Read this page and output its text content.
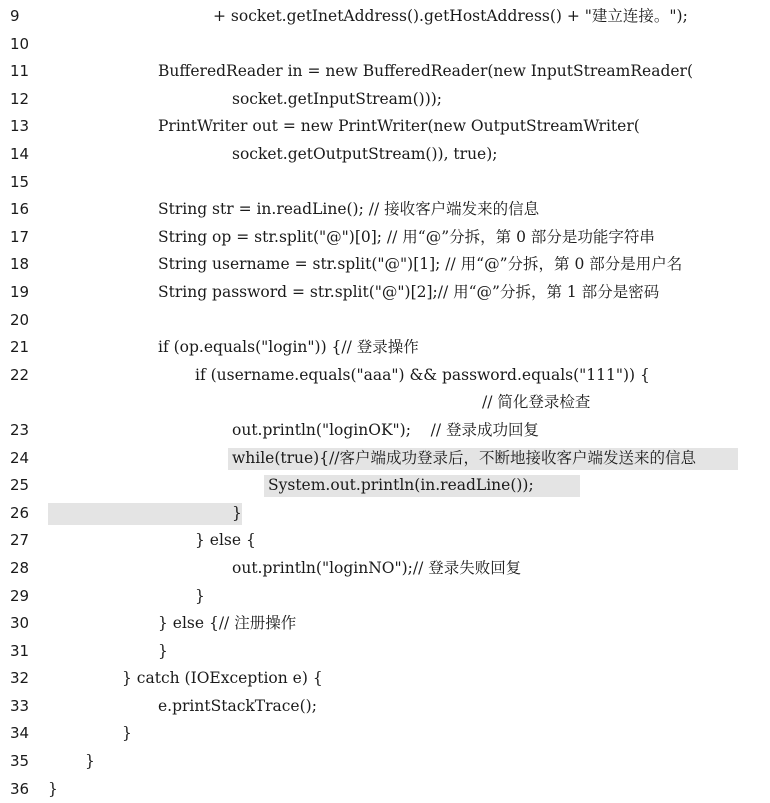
9	+ socket.getInetAddress().getHostAddress() + "建立连接。");
10
11	BufferedReader in = new BufferedReader(new InputStreamReader(
12	socket.getInputStream()));
13	PrintWriter out = new PrintWriter(new OutputStreamWriter(
14	socket.getOutputStream()), true);
15
16	String str = in.readLine(); // 接收客户端发来的信息
17	String op = str.split("@")[0]; // 用“@”分拆，第 0 部分是功能字符串
18	String username = str.split("@")[1]; // 用“@”分拆，第 0 部分是用户名
19	String password = str.split("@")[2];// 用“@”分拆，第 1 部分是密码
20
21	if (op.equals("login")) {// 登录操作
22	if (username.equals("aaa") && password.equals("111")) {
// 简化登录检查
23	out.println("loginOK");    // 登录成功回复
24	while(true){//客户端成功登录后，不断地接收客户端发送来的信息
25	System.out.println(in.readLine());
26	}
27	} else {
28	out.println("loginNO");// 登录失败回复
29	}
30	} else {// 注册操作
31	}
32	} catch (IOException e) {
33	e.printStackTrace();
34	}
35	}
36	}
